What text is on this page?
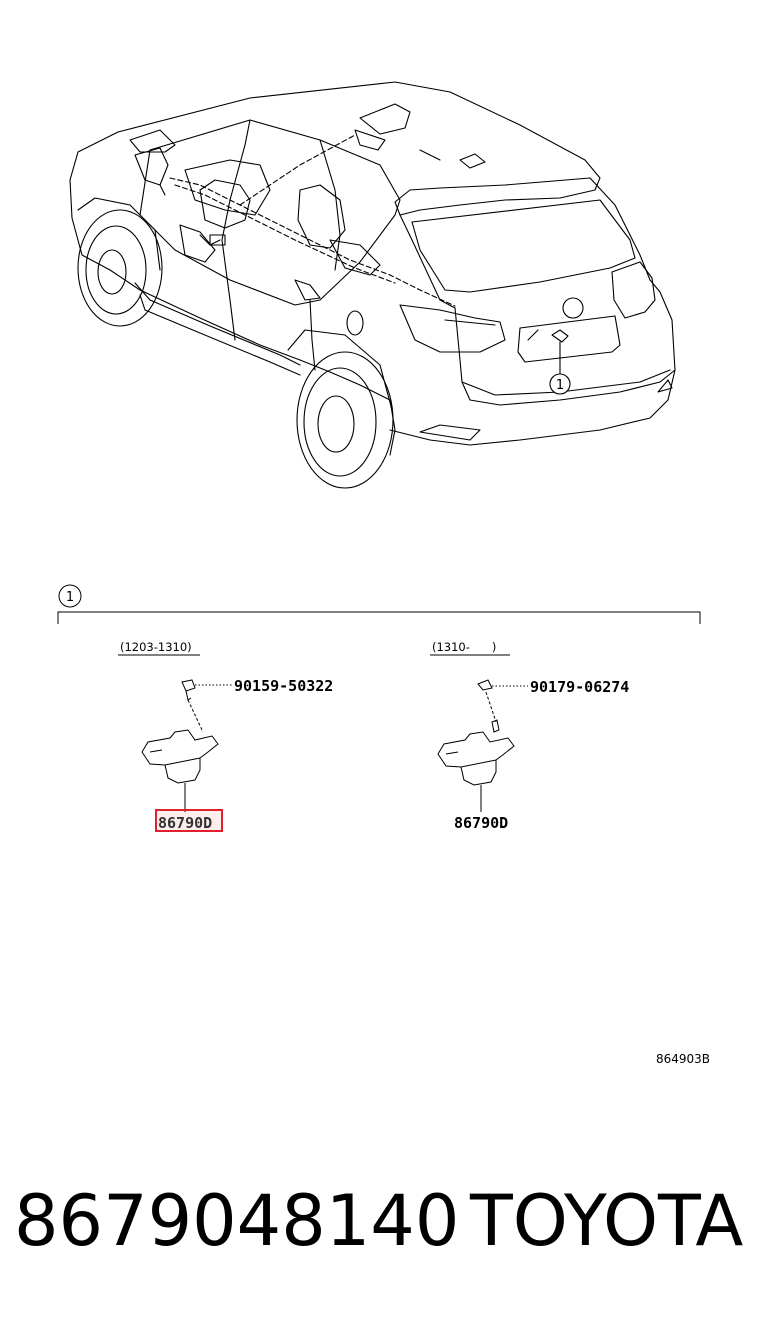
1
1
(1203-1310)
90159-50322
86790D
(1310-      )
90179-06274
86790D
864903B
8679048140 TOYOTA
